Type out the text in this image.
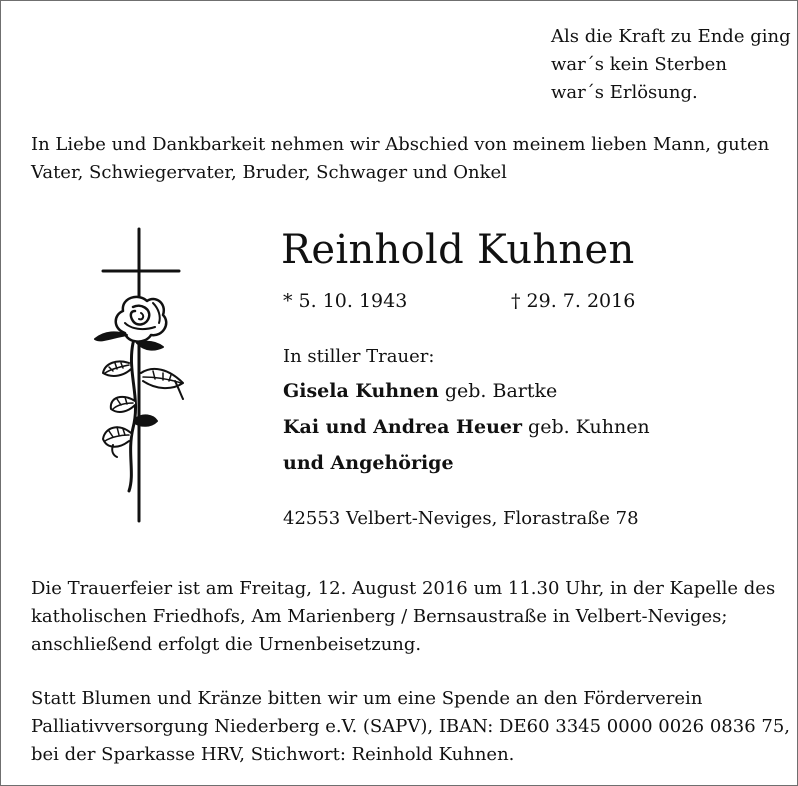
Als die Kraft zu Ende ging
war´s kein Sterben
war´s Erlösung.
In Liebe und Dankbarkeit nehmen wir Abschied von meinem lieben Mann, guten
Vater, Schwiegervater, Bruder, Schwager und Onkel
Reinhold Kuhnen
* 5. 10. 1943	† 29. 7. 2016
In stiller Trauer:
Gisela Kuhnen geb. Bartke
Kai und Andrea Heuer geb. Kuhnen
und Angehörige
42553 Velbert-Neviges, Florastraße 78
Die Trauerfeier ist am Freitag, 12. August 2016 um 11.30 Uhr, in der Kapelle des
katholischen Friedhofs, Am Marienberg / Bernsaustraße in Velbert-Neviges;
anschließend erfolgt die Urnenbeisetzung.
Statt Blumen und Kränze bitten wir um eine Spende an den Förderverein
Palliativversorgung Niederberg e.V. (SAPV), IBAN: DE60 3345 0000 0026 0836 75,
bei der Sparkasse HRV, Stichwort: Reinhold Kuhnen.
